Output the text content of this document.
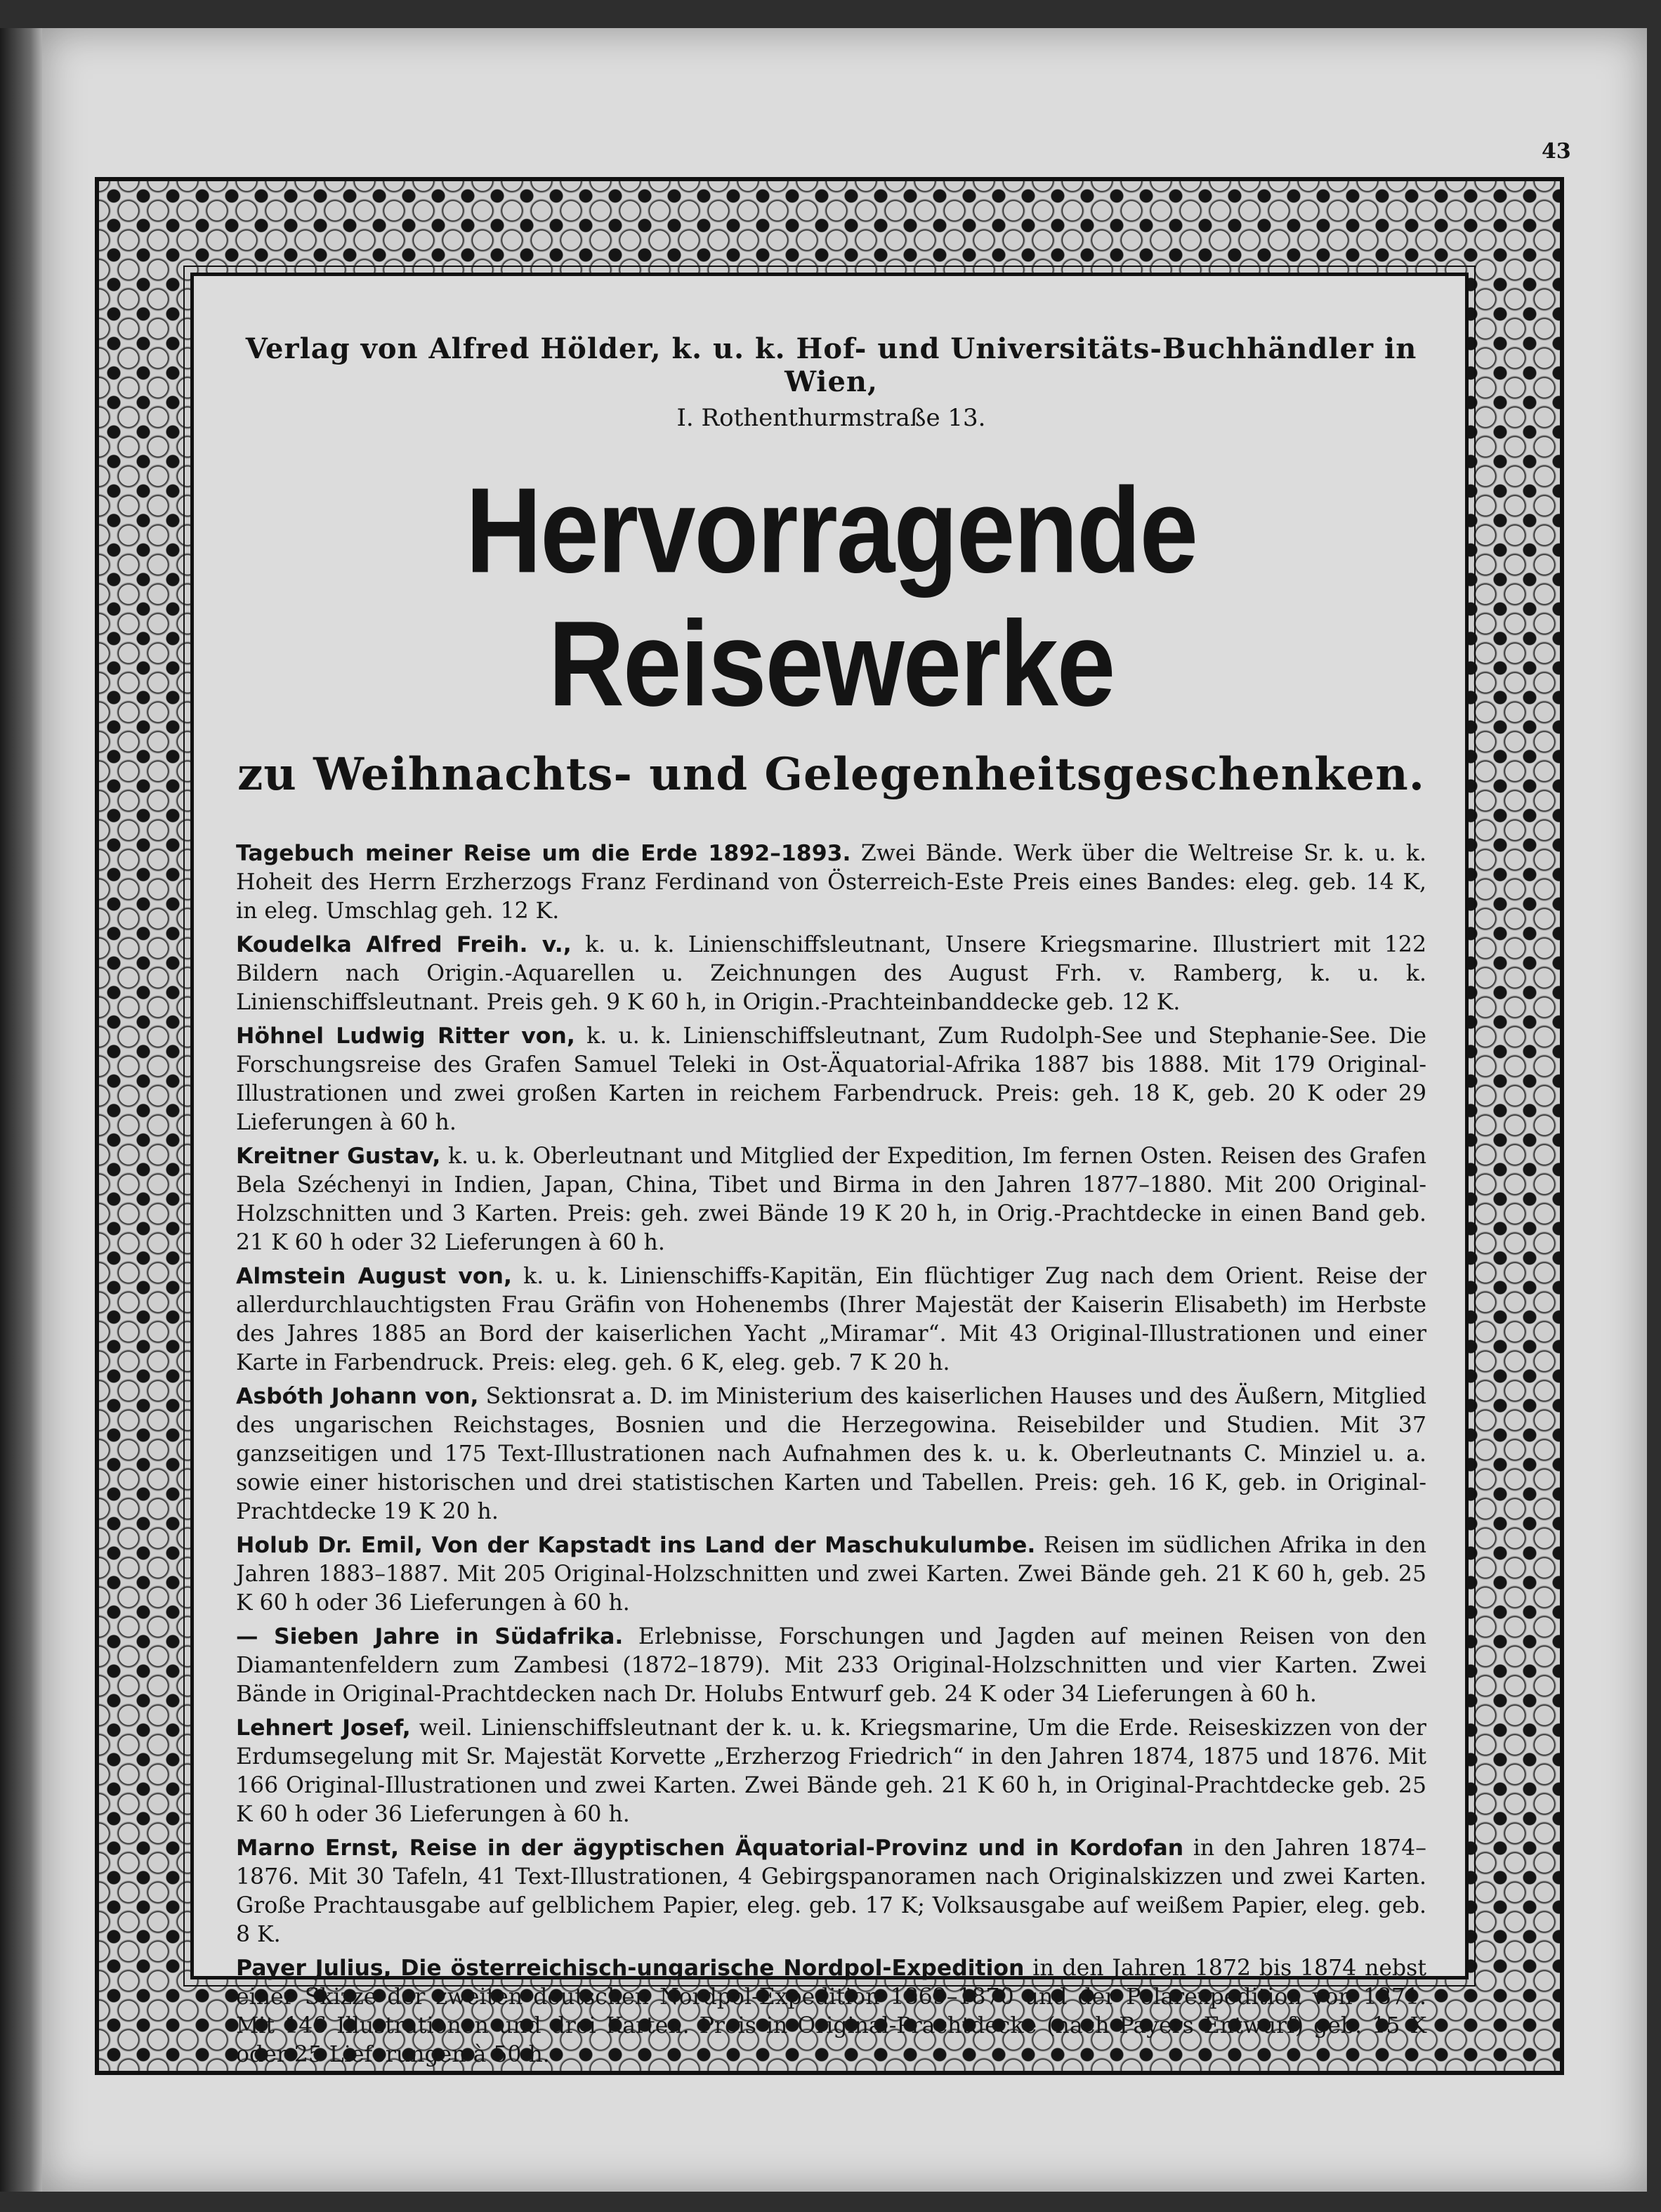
43
Verlag von Alfred Hölder, k. u. k. Hof- und Universitäts-Buchhändler in Wien,
I. Rothenthurmstraße 13.
Hervorragende Reisewerke
zu Weihnachts- und Gelegenheitsgeschenken.
Tagebuch meiner Reise um die Erde 1892–1893. Zwei Bände. Werk über die Weltreise Sr. k. u. k. Hoheit des Herrn Erzherzogs Franz Ferdinand von Österreich-Este Preis eines Bandes: eleg. geb. 14 K, in eleg. Umschlag geh. 12 K.
Koudelka Alfred Freih. v., k. u. k. Linienschiffsleutnant, Unsere Kriegsmarine. Illustriert mit 122 Bildern nach Origin.-Aquarellen u. Zeichnungen des August Frh. v. Ramberg, k. u. k. Linienschiffsleutnant. Preis geh. 9 K 60 h, in Origin.-Prachteinbanddecke geb. 12 K.
Höhnel Ludwig Ritter von, k. u. k. Linienschiffsleutnant, Zum Rudolph-See und Stephanie-See. Die Forschungsreise des Grafen Samuel Teleki in Ost-Äquatorial-Afrika 1887 bis 1888. Mit 179 Original-Illustrationen und zwei großen Karten in reichem Farbendruck. Preis: geh. 18 K, geb. 20 K oder 29 Lieferungen à 60 h.
Kreitner Gustav, k. u. k. Oberleutnant und Mitglied der Expedition, Im fernen Osten. Reisen des Grafen Bela Széchenyi in Indien, Japan, China, Tibet und Birma in den Jahren 1877–1880. Mit 200 Original-Holzschnitten und 3 Karten. Preis: geh. zwei Bände 19 K 20 h, in Orig.-Prachtdecke in einen Band geb. 21 K 60 h oder 32 Lieferungen à 60 h.
Almstein August von, k. u. k. Linienschiffs-Kapitän, Ein flüchtiger Zug nach dem Orient. Reise der allerdurchlauchtigsten Frau Gräfin von Hohenembs (Ihrer Majestät der Kaiserin Elisabeth) im Herbste des Jahres 1885 an Bord der kaiserlichen Yacht „Miramar“. Mit 43 Original-Illustrationen und einer Karte in Farbendruck. Preis: eleg. geh. 6 K, eleg. geb. 7 K 20 h.
Asbóth Johann von, Sektionsrat a. D. im Ministerium des kaiserlichen Hauses und des Äußern, Mitglied des ungarischen Reichstages, Bosnien und die Herzegowina. Reisebilder und Studien. Mit 37 ganzseitigen und 175 Text-Illustrationen nach Aufnahmen des k. u. k. Oberleutnants C. Minziel u. a. sowie einer historischen und drei statistischen Karten und Tabellen. Preis: geh. 16 K, geb. in Original-Prachtdecke 19 K 20 h.
Holub Dr. Emil, Von der Kapstadt ins Land der Maschukulumbe. Reisen im südlichen Afrika in den Jahren 1883–1887. Mit 205 Original-Holzschnitten und zwei Karten. Zwei Bände geh. 21 K 60 h, geb. 25 K 60 h oder 36 Lieferungen à 60 h.
— Sieben Jahre in Südafrika. Erlebnisse, Forschungen und Jagden auf meinen Reisen von den Diamantenfeldern zum Zambesi (1872–1879). Mit 233 Original-Holzschnitten und vier Karten. Zwei Bände in Original-Prachtdecken nach Dr. Holubs Entwurf geb. 24 K oder 34 Lieferungen à 60 h.
Lehnert Josef, weil. Linienschiffsleutnant der k. u. k. Kriegsmarine, Um die Erde. Reiseskizzen von der Erdumsegelung mit Sr. Majestät Korvette „Erzherzog Friedrich“ in den Jahren 1874, 1875 und 1876. Mit 166 Original-Illustrationen und zwei Karten. Zwei Bände geh. 21 K 60 h, in Original-Prachtdecke geb. 25 K 60 h oder 36 Lieferungen à 60 h.
Marno Ernst, Reise in der ägyptischen Äquatorial-Provinz und in Kordofan in den Jahren 1874–1876. Mit 30 Tafeln, 41 Text-Illustrationen, 4 Gebirgspanoramen nach Originalskizzen und zwei Karten. Große Prachtausgabe auf gelblichem Papier, eleg. geb. 17 K; Volksausgabe auf weißem Papier, eleg. geb. 8 K.
Payer Julius, Die österreichisch-ungarische Nordpol-Expedition in den Jahren 1872 bis 1874 nebst einer Skizze der zweiten deutschen Nordpol-Expedition 1869–1870 und der Polarexpedition von 1871. Mit 146 Illustrationen und drei Karten. Preis in Original-Prachtdecke (nach Payers Entwurf) geb. 15 K oder 25 Lieferungen à 50 h.
